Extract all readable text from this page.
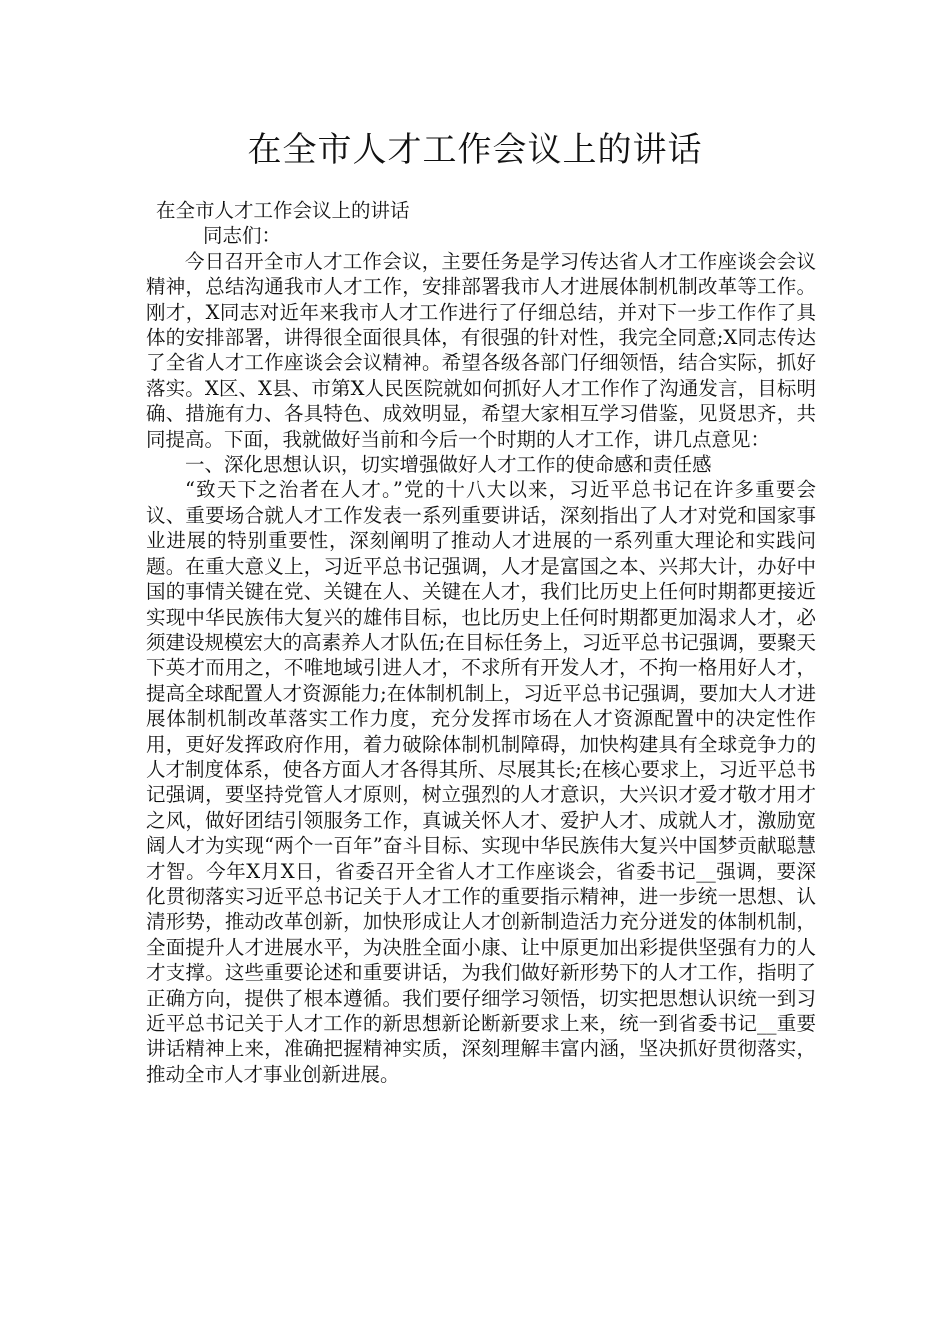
在全市人才工作会议上的讲话

在全市人才工作会议上的讲话

同志们：

今日召开全市人才工作会议，主要任务是学习传达省人才工作座谈会会议精神，总结沟通我市人才工作，安排部署我市人才进展体制机制改革等工作。刚才，X同志对近年来我市人才工作进行了仔细总结，并对下一步工作作了具体的安排部署，讲得很全面很具体，有很强的针对性，我完全同意;X同志传达了全省人才工作座谈会会议精神。希望各级各部门仔细领悟，结合实际，抓好落实。X区、X县、市第X人民医院就如何抓好人才工作作了沟通发言，目标明确、措施有力、各具特色、成效明显，希望大家相互学习借鉴，见贤思齐，共同提高。下面，我就做好当前和今后一个时期的人才工作，讲几点意见：

一、深化思想认识，切实增强做好人才工作的使命感和责任感

“致天下之治者在人才。”党的十八大以来，习近平总书记在许多重要会议、重要场合就人才工作发表一系列重要讲话，深刻指出了人才对党和国家事业进展的特别重要性，深刻阐明了推动人才进展的一系列重大理论和实践问题。在重大意义上，习近平总书记强调，人才是富国之本、兴邦大计，办好中国的事情关键在党、关键在人、关键在人才，我们比历史上任何时期都更接近实现中华民族伟大复兴的雄伟目标，也比历史上任何时期都更加渴求人才，必须建设规模宏大的高素养人才队伍;在目标任务上，习近平总书记强调，要聚天下英才而用之，不唯地域引进人才，不求所有开发人才，不拘一格用好人才，提高全球配置人才资源能力;在体制机制上，习近平总书记强调，要加大人才进展体制机制改革落实工作力度，充分发挥市场在人才资源配置中的决定性作用，更好发挥政府作用，着力破除体制机制障碍，加快构建具有全球竞争力的人才制度体系，使各方面人才各得其所、尽展其长;在核心要求上，习近平总书记强调，要坚持党管人才原则，树立强烈的人才意识，大兴识才爱才敬才用才之风，做好团结引领服务工作，真诚关怀人才、爱护人才、成就人才，激励宽阔人才为实现“两个一百年”奋斗目标、实现中华民族伟大复兴中国梦贡献聪慧才智。今年X月X日，省委召开全省人才工作座谈会，省委书记__强调，要深化贯彻落实习近平总书记关于人才工作的重要指示精神，进一步统一思想、认清形势，推动改革创新，加快形成让人才创新制造活力充分迸发的体制机制，全面提升人才进展水平，为决胜全面小康、让中原更加出彩提供坚强有力的人才支撑。这些重要论述和重要讲话，为我们做好新形势下的人才工作，指明了正确方向，提供了根本遵循。我们要仔细学习领悟，切实把思想认识统一到习近平总书记关于人才工作的新思想新论断新要求上来，统一到省委书记__重要讲话精神上来，准确把握精神实质，深刻理解丰富内涵，坚决抓好贯彻落实，推动全市人才事业创新进展。
